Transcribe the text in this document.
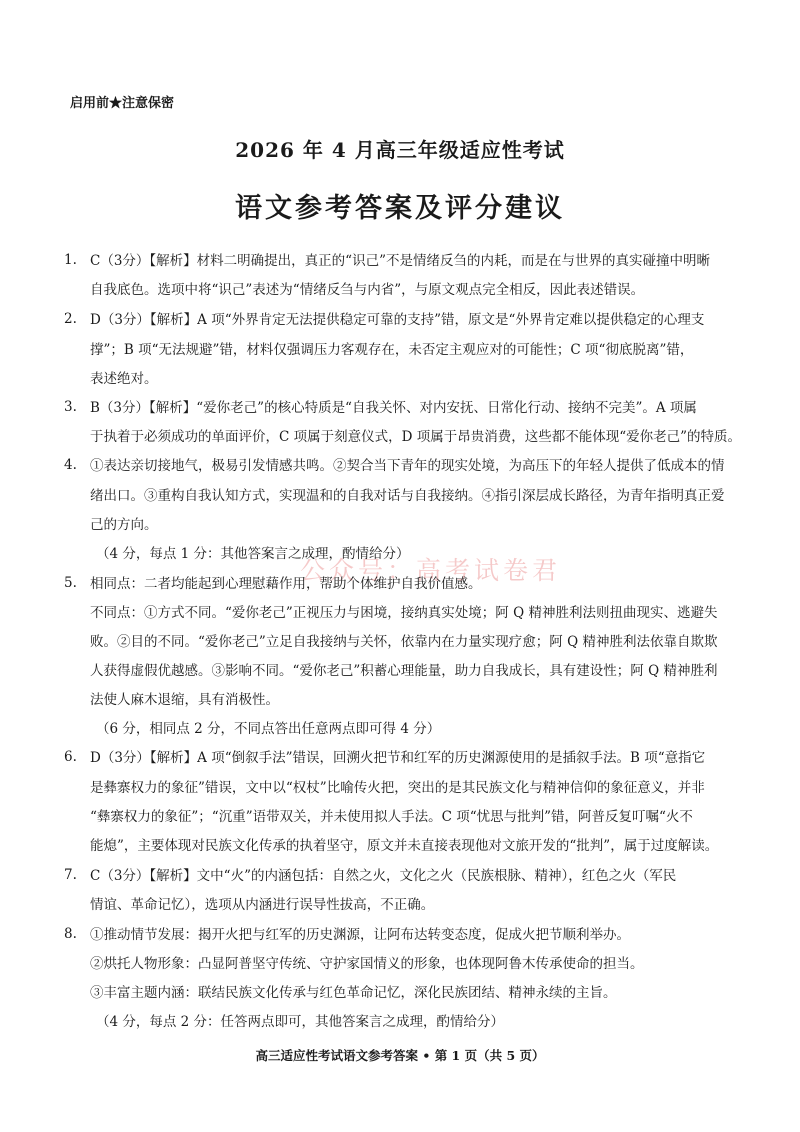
启用前★注意保密
2026 年 4 月高三年级适应性考试
语文参考答案及评分建议
1. C（3分）【解析】材料二明确提出，真正的“识己”不是情绪反刍的内耗，而是在与世界的真实碰撞中明晰
自我底色。选项中将“识己”表述为“情绪反刍与内省”，与原文观点完全相反，因此表述错误。
2. D（3分）【解析】A 项“外界肯定无法提供稳定可靠的支持”错，原文是“外界肯定难以提供稳定的心理支
撑”；B 项“无法规避”错，材料仅强调压力客观存在，未否定主观应对的可能性；C 项“彻底脱离”错，
表述绝对。
3. B（3分）【解析】“爱你老己”的核心特质是“自我关怀、对内安抚、日常化行动、接纳不完美”。A 项属
于执着于必须成功的单面评价，C 项属于刻意仪式，D 项属于昂贵消费，这些都不能体现“爱你老己”的特质。
4. ①表达亲切接地气，极易引发情感共鸣。②契合当下青年的现实处境，为高压下的年轻人提供了低成本的情
绪出口。③重构自我认知方式，实现温和的自我对话与自我接纳。④指引深层成长路径，为青年指明真正爱
己的方向。
（4 分，每点 1 分：其他答案言之成理，酌情给分）
公众号：高考试卷君
5. 相同点：二者均能起到心理慰藉作用，帮助个体维护自我价值感。
不同点：①方式不同。“爱你老己”正视压力与困境，接纳真实处境；阿 Q 精神胜利法则扭曲现实、逃避失
败。②目的不同。“爱你老己”立足自我接纳与关怀，依靠内在力量实现疗愈；阿 Q 精神胜利法依靠自欺欺
人获得虚假优越感。③影响不同。“爱你老己”积蓄心理能量，助力自我成长，具有建设性；阿 Q 精神胜利
法使人麻木退缩，具有消极性。
（6 分，相同点 2 分，不同点答出任意两点即可得 4 分）
6. D（3分）【解析】A 项“倒叙手法”错误，回溯火把节和红军的历史渊源使用的是插叙手法。B 项“意指它
是彝寨权力的象征”错误，文中以“权杖”比喻传火把，突出的是其民族文化与精神信仰的象征意义，并非
“彝寨权力的象征”；“沉重”语带双关，并未使用拟人手法。C 项“忧思与批判”错，阿普反复叮嘱“火不
能熄”，主要体现对民族文化传承的执着坚守，原文并未直接表现他对文旅开发的“批判”，属于过度解读。
7. C（3分）【解析】文中“火”的内涵包括：自然之火，文化之火（民族根脉、精神），红色之火（军民
情谊、革命记忆），选项从内涵进行误导性拔高，不正确。
8. ①推动情节发展：揭开火把与红军的历史渊源，让阿布达转变态度，促成火把节顺利举办。
②烘托人物形象：凸显阿普坚守传统、守护家国情义的形象，也体现阿鲁木传承使命的担当。
③丰富主题内涵：联结民族文化传承与红色革命记忆，深化民族团结、精神永续的主旨。
（4 分，每点 2 分：任答两点即可，其他答案言之成理，酌情给分）
高三适应性考试语文参考答案 • 第 1 页（共 5 页）
